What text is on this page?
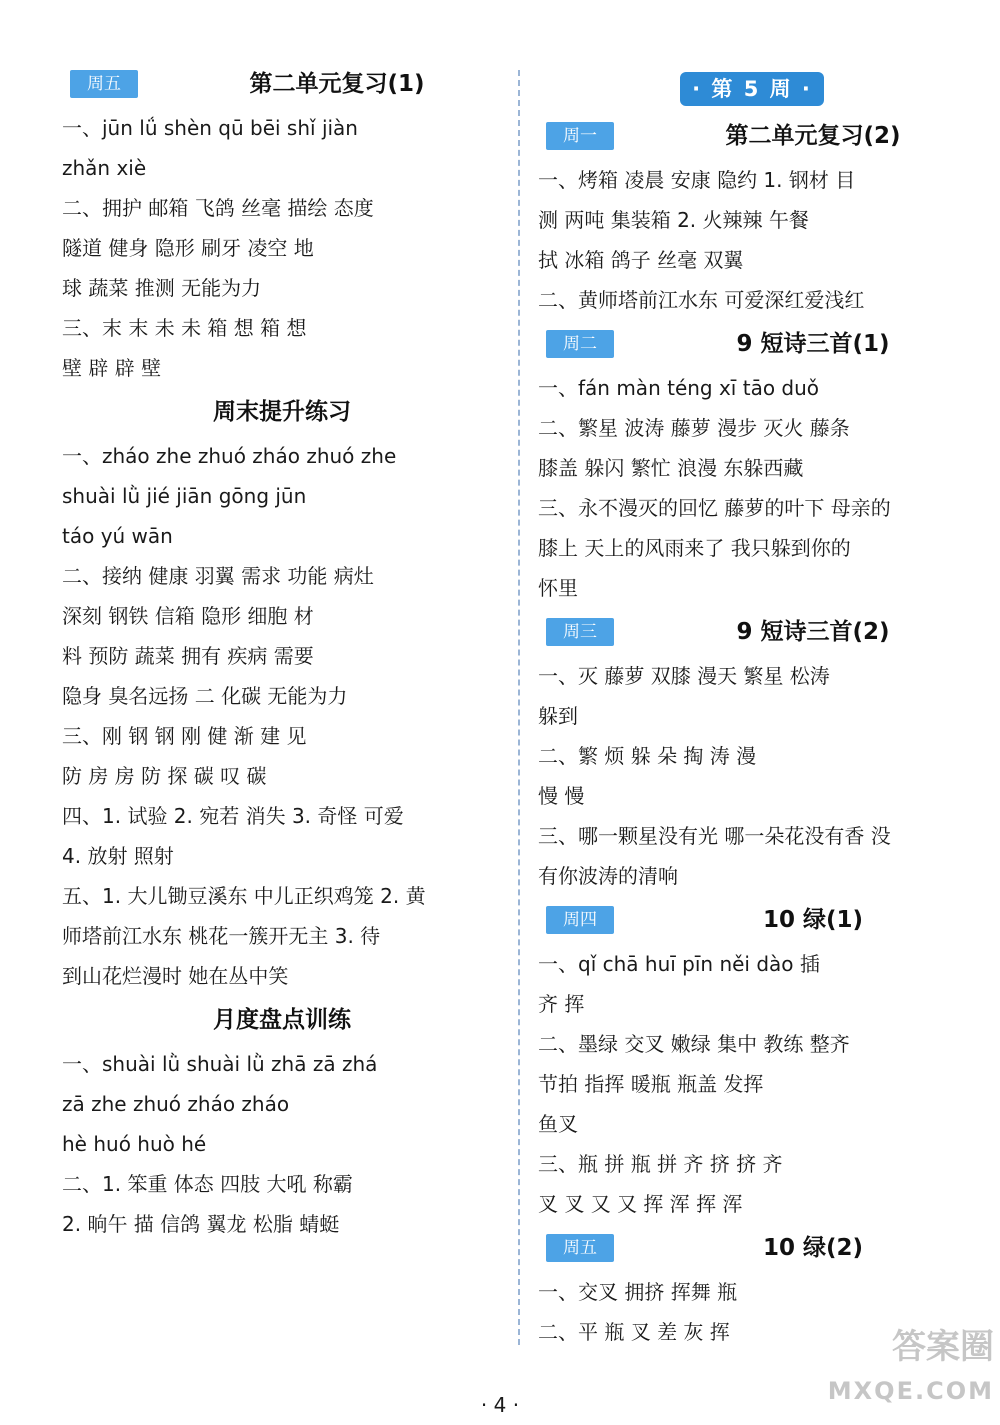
· 第 5 周 ·
周五	第二单元复习(1)
一、jūn lǘ shèn qū bēi shǐ jiàn
zhǎn xiè
二、拥护 邮箱 飞鸽 丝毫 描绘 态度
隧道 健身 隐形 刷牙 凌空 地
球 蔬菜 推测 无能为力
三、末 末 未 未 箱 想 箱 想
壁 辟 辟 壁
周末提升练习
一、zháo zhe zhuó zháo zhuó zhe
shuài lǜ jié jiān gōng jūn
táo yú wān
二、接纳 健康 羽翼 需求 功能 病灶
深刻 钢铁 信箱 隐形 细胞 材
料 预防 蔬菜 拥有 疾病 需要
隐身 臭名远扬 二 化碳 无能为力
三、刚 钢 钢 刚 健 渐 建 见
防 房 房 防 探 碳 叹 碳
四、1. 试验 2. 宛若 消失 3. 奇怪 可爱
4. 放射 照射
五、1. 大儿锄豆溪东 中儿正织鸡笼 2. 黄
师塔前江水东 桃花一簇开无主 3. 待
到山花烂漫时 她在丛中笑
月度盘点训练
一、shuài lǜ shuài lǜ zhā zā zhá
zā zhe zhuó zháo zháo
hè huó huò hé
二、1. 笨重 体态 四肢 大吼 称霸
2. 晌午 描 信鸽 翼龙 松脂 蜻蜓
周一	第二单元复习(2)
一、烤箱 凌晨 安康 隐约 1. 钢材 目
测 两吨 集装箱 2. 火辣辣 午餐
拭 冰箱 鸽子 丝毫 双翼
二、黄师塔前江水东 可爱深红爱浅红
周二	9 短诗三首(1)
一、fán màn téng xī tāo duǒ
二、繁星 波涛 藤萝 漫步 灭火 藤条
膝盖 躲闪 繁忙 浪漫 东躲西藏
三、永不漫灭的回忆 藤萝的叶下 母亲的
膝上 天上的风雨来了 我只躲到你的
怀里
周三	9 短诗三首(2)
一、灭 藤萝 双膝 漫天 繁星 松涛
躲到
二、繁 烦 躲 朵 掏 涛 漫
慢 慢
三、哪一颗星没有光 哪一朵花没有香 没
有你波涛的清响
周四	10 绿(1)
一、qǐ chā huī pīn něi dào 插
齐 挥
二、墨绿 交叉 嫩绿 集中 教练 整齐
节拍 指挥 暖瓶 瓶盖 发挥
鱼叉
三、瓶 拼 瓶 拼 齐 挤 挤 齐
叉 叉 又 又 挥 浑 挥 浑
周五	10 绿(2)
一、交叉 拥挤 挥舞 瓶
二、平 瓶 叉 差 灰 挥
· 4 ·
答案圈
MXQE.COM
